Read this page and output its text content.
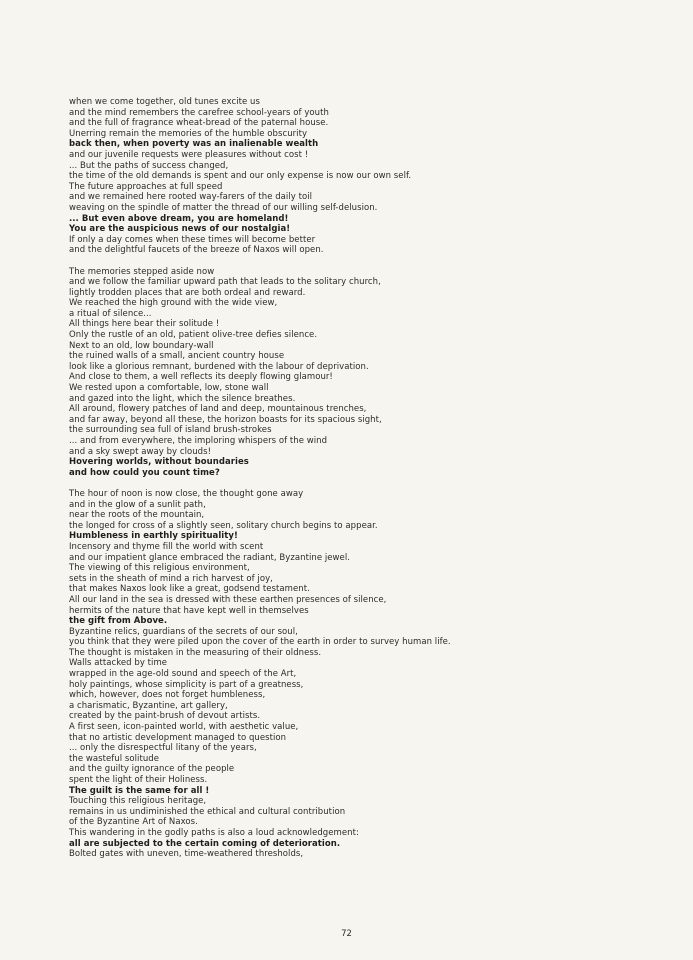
when we come together, old tunes excite us
and the mind remembers the carefree school-years of youth
and the full of fragrance wheat-bread of the paternal house.
Unerring remain the memories of the humble obscurity
back then, when poverty was an inalienable wealth
and our juvenile requests were pleasures without cost !
... But the paths of success changed,
the time of the old demands is spent and our only expense is now our own self.
The future approaches at full speed
and we remained here rooted way-farers of the daily toil
weaving on the spindle of matter the thread of our willing self-delusion.
... But even above dream, you are homeland!
You are the auspicious news of our nostalgia!
If only a day comes when these times will become better
and the delightful faucets of the breeze of Naxos will open.
The memories stepped aside now
and we follow the familiar upward path that leads to the solitary church,
lightly trodden places that are both ordeal and reward.
We reached the high ground with the wide view,
a ritual of silence...
All things here bear their solitude !
Only the rustle of an old, patient olive-tree defies silence.
Next to an old, low boundary-wall
the ruined walls of a small, ancient country house
look like a glorious remnant, burdened with the labour of deprivation.
And close to them, a well reflects its deeply flowing glamour!
We rested upon a comfortable, low, stone wall
and gazed into the light, which the silence breathes.
All around, flowery patches of land and deep, mountainous trenches,
and far away, beyond all these, the horizon boasts for its spacious sight,
the surrounding sea full of island brush-strokes
... and from everywhere, the imploring whispers of the wind
and a sky swept away by clouds!
Hovering worlds, without boundaries
and how could you count time?
The hour of noon is now close, the thought gone away
and in the glow of a sunlit path,
near the roots of the mountain,
the longed for cross of a slightly seen, solitary church begins to appear.
Humbleness in earthly spirituality!
Incensory and thyme fill the world with scent
and our impatient glance embraced the radiant, Byzantine jewel.
The viewing of this religious environment,
sets in the sheath of mind a rich harvest of joy,
that makes Naxos look like a great, godsend testament.
All our land in the sea is dressed with these earthen presences of silence,
hermits of the nature that have kept well in themselves
the gift from Above.
Byzantine relics, guardians of the secrets of our soul,
you think that they were piled upon the cover of the earth in order to survey human life.
The thought is mistaken in the measuring of their oldness.
Walls attacked by time
wrapped in the age-old sound and speech of the Art,
holy paintings, whose simplicity is part of a greatness,
which, however, does not forget humbleness,
a charismatic, Byzantine, art gallery,
created by the paint-brush of devout artists.
A first seen, icon-painted world, with aesthetic value,
that no artistic development managed to question
... only the disrespectful litany of the years,
the wasteful solitude
and the guilty ignorance of the people
spent the light of their Holiness.
The guilt is the same for all !
Touching this religious heritage,
remains in us undiminished the ethical and cultural contribution
of the Byzantine Art of Naxos.
This wandering in the godly paths is also a loud acknowledgement:
all are subjected to the certain coming of deterioration.
Bolted gates with uneven, time-weathered thresholds,
72
